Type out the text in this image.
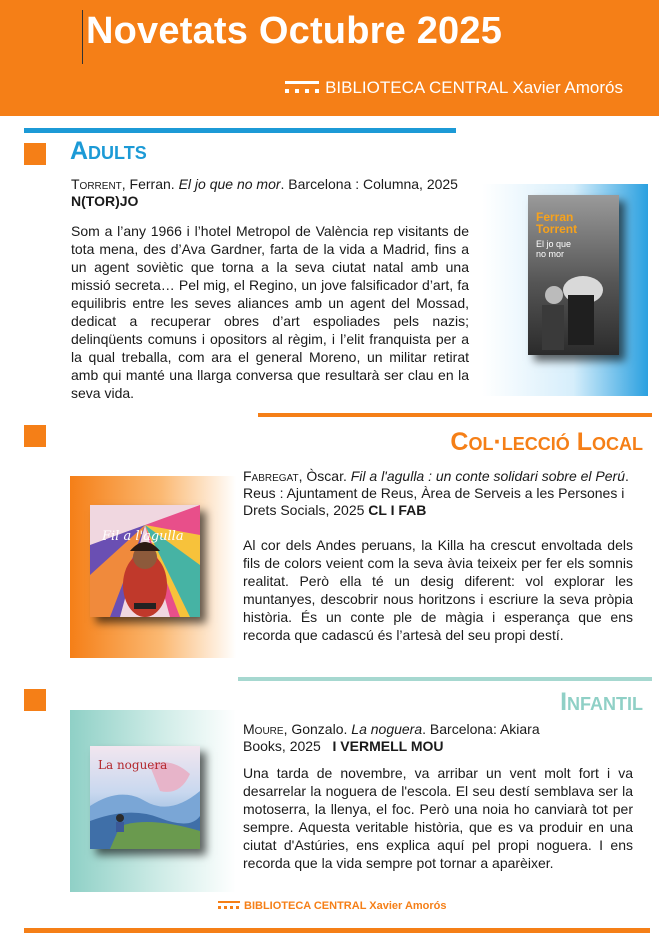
Novetats Octubre 2025
BIBLIOTECA CENTRAL Xavier Amorós
Adults
Torrent, Ferran. El jo que no mor. Barcelona : Columna, 2025   N(TOR)JO
Som a l’any 1966 i l’hotel Metropol de València rep visitants de tota mena, des d’Ava Gardner, farta de la vida a Madrid, fins a un agent soviètic que torna a la seva ciutat natal amb una missió secreta… Pel mig, el Regino, un jove falsificador d’art, fa equilibris entre les seves aliances amb un agent del Mossad, dedicat a recuperar obres d’art espoliades pels nazis; delinqüents comuns i opositors al règim, i l’elit franquista per a la qual treballa, com ara el general Moreno, un militar retirat amb qui manté una llarga conversa que resultarà ser clau en la seva vida.
Ferran
Torrent
El jo que
no mor
Col·lecció Local
Fil a l'agulla
Fabregat, Òscar. Fil a l'agulla : un conte solidari sobre el Perú. Reus : Ajuntament de Reus, Àrea de Serveis a les Persones i Drets Socials, 2025 CL I FAB
Al cor dels Andes peruans, la Killa ha crescut envoltada dels fils de colors veient com la seva àvia teixeix per fer els somnis realitat. Però ella té un desig diferent: vol explorar les muntanyes, descobrir nous horitzons i escriure la seva pròpia història. És un conte ple de màgia i esperança que ens recorda que cadascú és l’artesà del seu propi destí.
Infantil
La noguera
Moure, Gonzalo. La noguera. Barcelona: Akiara Books, 2025 I VERMELL MOU
Una tarda de novembre, va arribar un vent molt fort i va desarrelar la noguera de l'escola. El seu destí semblava ser la motoserra, la llenya, el foc. Però una noia ho canviarà tot per sempre. Aquesta veritable història, que es va produir en una ciutat d'Astúries, ens explica aquí pel propi noguera. I ens recorda que la vida sempre pot tornar a aparèixer.
BIBLIOTECA CENTRAL Xavier Amorós
